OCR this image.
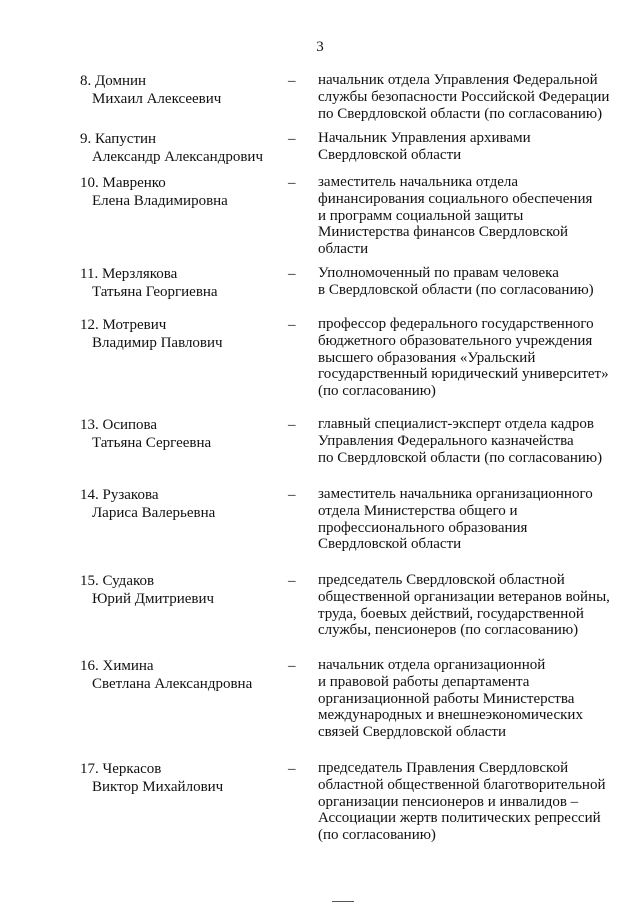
3
8. Домнин
Михаил Алексеевич
– начальник отдела Управления Федеральной
службы безопасности Российской Федерации
по Свердловской области (по согласованию)
9. Капустин
Александр Александрович
– Начальник Управления архивами
Свердловской области
10. Мавренко
Елена Владимировна
– заместитель начальника отдела
финансирования социального обеспечения
и программ социальной защиты
Министерства финансов Свердловской
области
11. Мерзлякова
Татьяна Георгиевна
– Уполномоченный по правам человека
в Свердловской области (по согласованию)
12. Мотревич
Владимир Павлович
– профессор федерального государственного
бюджетного образовательного учреждения
высшего образования «Уральский
государственный юридический университет»
(по согласованию)
13. Осипова
Татьяна Сергеевна
– главный специалист-эксперт отдела кадров
Управления Федерального казначейства
по Свердловской области (по согласованию)
14. Рузакова
Лариса Валерьевна
– заместитель начальника организационного
отдела Министерства общего и
профессионального образования
Свердловской области
15. Судаков
Юрий Дмитриевич
– председатель Свердловской областной
общественной организации ветеранов войны,
труда, боевых действий, государственной
службы, пенсионеров (по согласованию)
16. Химина
Светлана Александровна
– начальник отдела организационной
и правовой работы департамента
организационной работы Министерства
международных и внешнеэкономических
связей Свердловской области
17. Черкасов
Виктор Михайлович
– председатель Правления Свердловской
областной общественной благотворительной
организации пенсионеров и инвалидов –
Ассоциации жертв политических репрессий
(по согласованию)
